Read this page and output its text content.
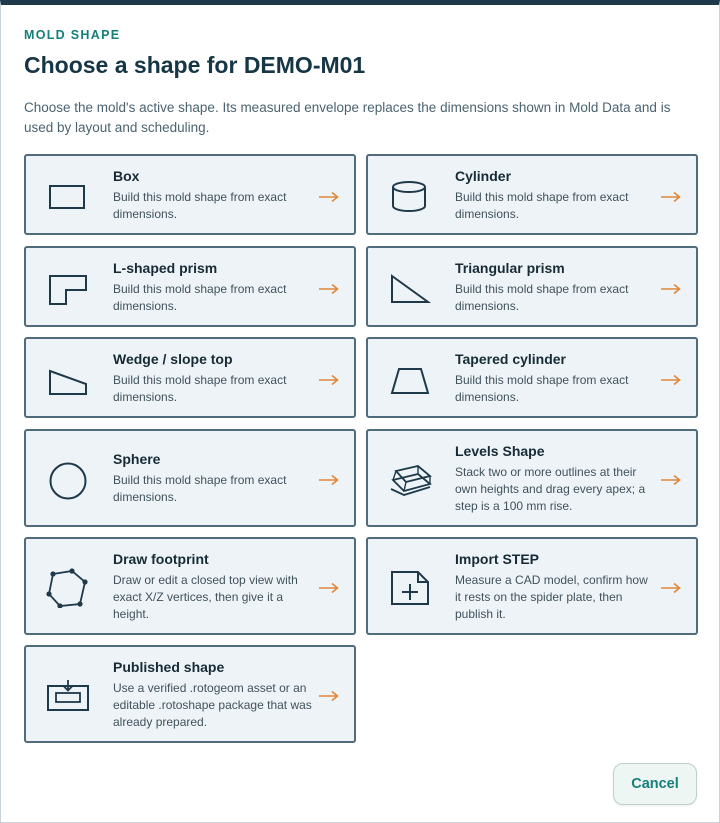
MOLD SHAPE
Choose a shape for DEMO-M01

Choose the mold's active shape. Its measured envelope replaces the dimensions shown in Mold Data and is used by layout and scheduling.

Box
Build this mold shape from exact dimensions.
Cylinder
Build this mold shape from exact dimensions.
L-shaped prism
Build this mold shape from exact dimensions.
Triangular prism
Build this mold shape from exact dimensions.
Wedge / slope top
Build this mold shape from exact dimensions.
Tapered cylinder
Build this mold shape from exact dimensions.
Sphere
Build this mold shape from exact dimensions.
Levels Shape
Stack two or more outlines at their own heights and drag every apex; a step is a 100 mm rise.
Draw footprint
Draw or edit a closed top view with exact X/Z vertices, then give it a height.
Import STEP
Measure a CAD model, confirm how it rests on the spider plate, then publish it.
Published shape
Use a verified .rotogeom asset or an editable .rotoshape package that was already prepared.
Cancel
